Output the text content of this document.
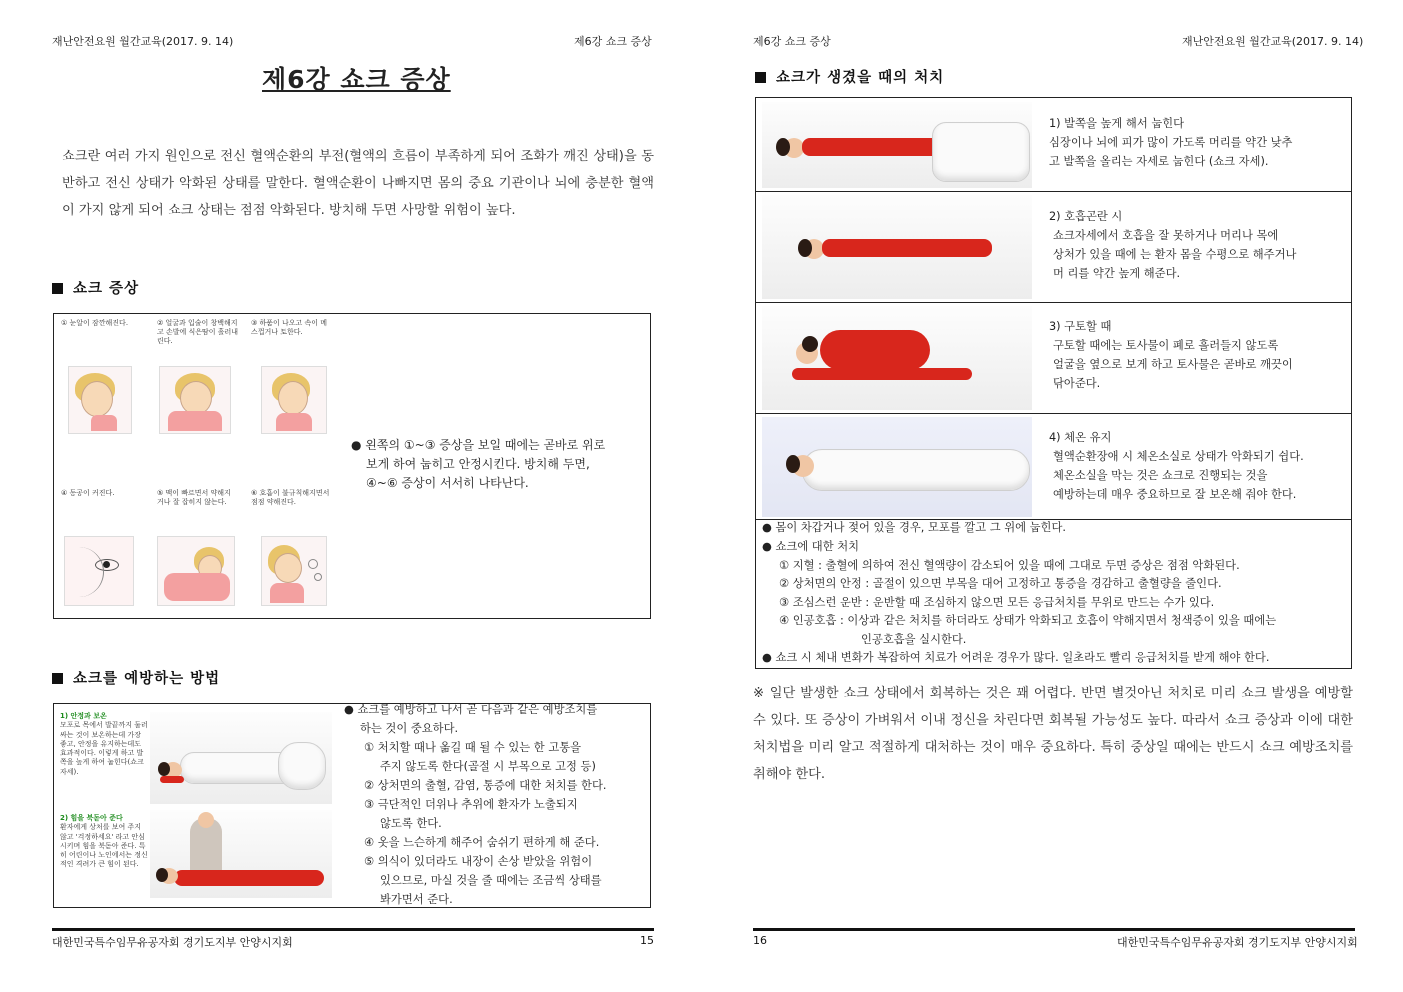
재난안전요원 월간교육(2017. 9. 14)	제6강 쇼크 증상
제6강 쇼크 증상
쇼크란 여러 가지 원인으로 전신 혈액순환의 부전(혈액의 흐름이 부족하게 되어 조화가 깨진 상태)을 동반하고 전신 상태가 악화된 상태를 말한다. 혈액순환이 나빠지면 몸의 중요 기관이나 뇌에 충분한 혈액이 가지 않게 되어 쇼크 상태는 점점 악화된다. 방치해 두면 사망할 위험이 높다.
쇼크 증상
① 눈알이 잠깐해진다.	② 얼굴과 입술이 창백해지고 손발에 식은땀이 흘러내린다.
③ 하품이 나오고 속이 메스껍거나 토한다.
④ 동공이 커진다.	⑤ 맥이 빠르면서 약해지거나 잘 잡히지 않는다.
⑥ 호흡이 불규칙해지면서 점점 약해진다.
● 왼쪽의 ①~③ 증상을 보일 때에는 곧바로 위로
보게 하여 눕히고 안정시킨다. 방치해 두면,
④~⑥ 증상이 서서히 나타난다.
쇼크를 예방하는 방법
1) 안정과 보온
모포로 목에서 발끝까지 둘러싸는 것이 보온하는데 가장 좋고, 안정을 유지하는데도 효과적이다. 이렇게 하고 발쪽을 높게 하여 눕힌다(쇼크자세).
2) 힘을 북돋아 준다
환자에게 상처를 보여 주지 않고 '걱정하세요' 라고 안심시키며 힘을 북돋아 준다. 특히 어린이나 노인에서는 정신적인 격려가 큰 힘이 된다.
● 쇼크를 예방하고 나서 곧 다음과 같은 예방조치를
하는 것이 중요하다.
① 처치할 때나 옮길 때 될 수 있는 한 고통을
주지 않도록 한다(골절 시 부목으로 고정 등)
② 상처면의 출혈, 감염, 통증에 대한 처치를 한다.
③ 극단적인 더위나 추위에 환자가 노출되지
않도록 한다.
④ 옷을 느슨하게 해주어 숨쉬기 편하게 해 준다.
⑤ 의식이 있더라도 내장이 손상 받았을 위험이
있으므로, 마실 것을 줄 때에는 조금씩 상태를
봐가면서 준다.
대한민국특수임무유공자회 경기도지부 안양시지회	15
제6강 쇼크 증상	재난안전요원 월간교육(2017. 9. 14)
쇼크가 생겼을 때의 처치
1) 발쪽을 높게 해서 눕힌다
심장이나 뇌에 피가 많이 가도록 머리를 약간 낮추
고 발쪽을 올리는 자세로 눕힌다 (쇼크 자세).
2) 호흡곤란 시
쇼크자세에서 호흡을 잘 못하거나 머리나 목에
상처가 있을 때에 는 환자 몸을 수평으로 해주거나
머 리를 약간 높게 해준다.
3) 구토할 때
구토할 때에는 토사물이 폐로 흘러들지 않도록
얼굴을 옆으로 보게 하고 토사물은 곧바로 깨끗이
닦아준다.
4) 체온 유지
혈액순환장애 시 체온소실로 상태가 악화되기 쉽다.
체온소실을 막는 것은 쇼크로 진행되는 것을
예방하는데 매우 중요하므로 잘 보온해 줘야 한다.
● 몸이 차갑거나 젖어 있을 경우, 모포를 깔고 그 위에 눕힌다.
● 쇼크에 대한 처치
① 지혈 : 출혈에 의하여 전신 혈액량이 감소되어 있을 때에 그대로 두면 증상은 점점 악화된다.
② 상처면의 안정 : 골절이 있으면 부목을 대어 고정하고 통증을 경감하고 출혈량을 줄인다.
③ 조심스런 운반 : 운반할 때 조심하지 않으면 모든 응급처치를 무위로 만드는 수가 있다.
④ 인공호흡 : 이상과 같은 처치를 하더라도 상태가 악화되고 호흡이 약해지면서 청색증이 있을 때에는
인공호흡을 실시한다.
● 쇼크 시 체내 변화가 복잡하여 치료가 어려운 경우가 많다. 일초라도 빨리 응급처치를 받게 해야 한다.
※ 일단 발생한 쇼크 상태에서 회복하는 것은 꽤 어렵다. 반면 별것아닌 처치로 미리 쇼크 발생을 예방할 수 있다. 또 증상이 가벼워서 이내 정신을 차린다면 회복될 가능성도 높다. 따라서 쇼크 증상과 이에 대한 처치법을 미리 알고 적절하게 대처하는 것이 매우 중요하다. 특히 중상일 때에는 반드시 쇼크 예방조치를 취해야 한다.
16	대한민국특수임무유공자회 경기도지부 안양시지회
